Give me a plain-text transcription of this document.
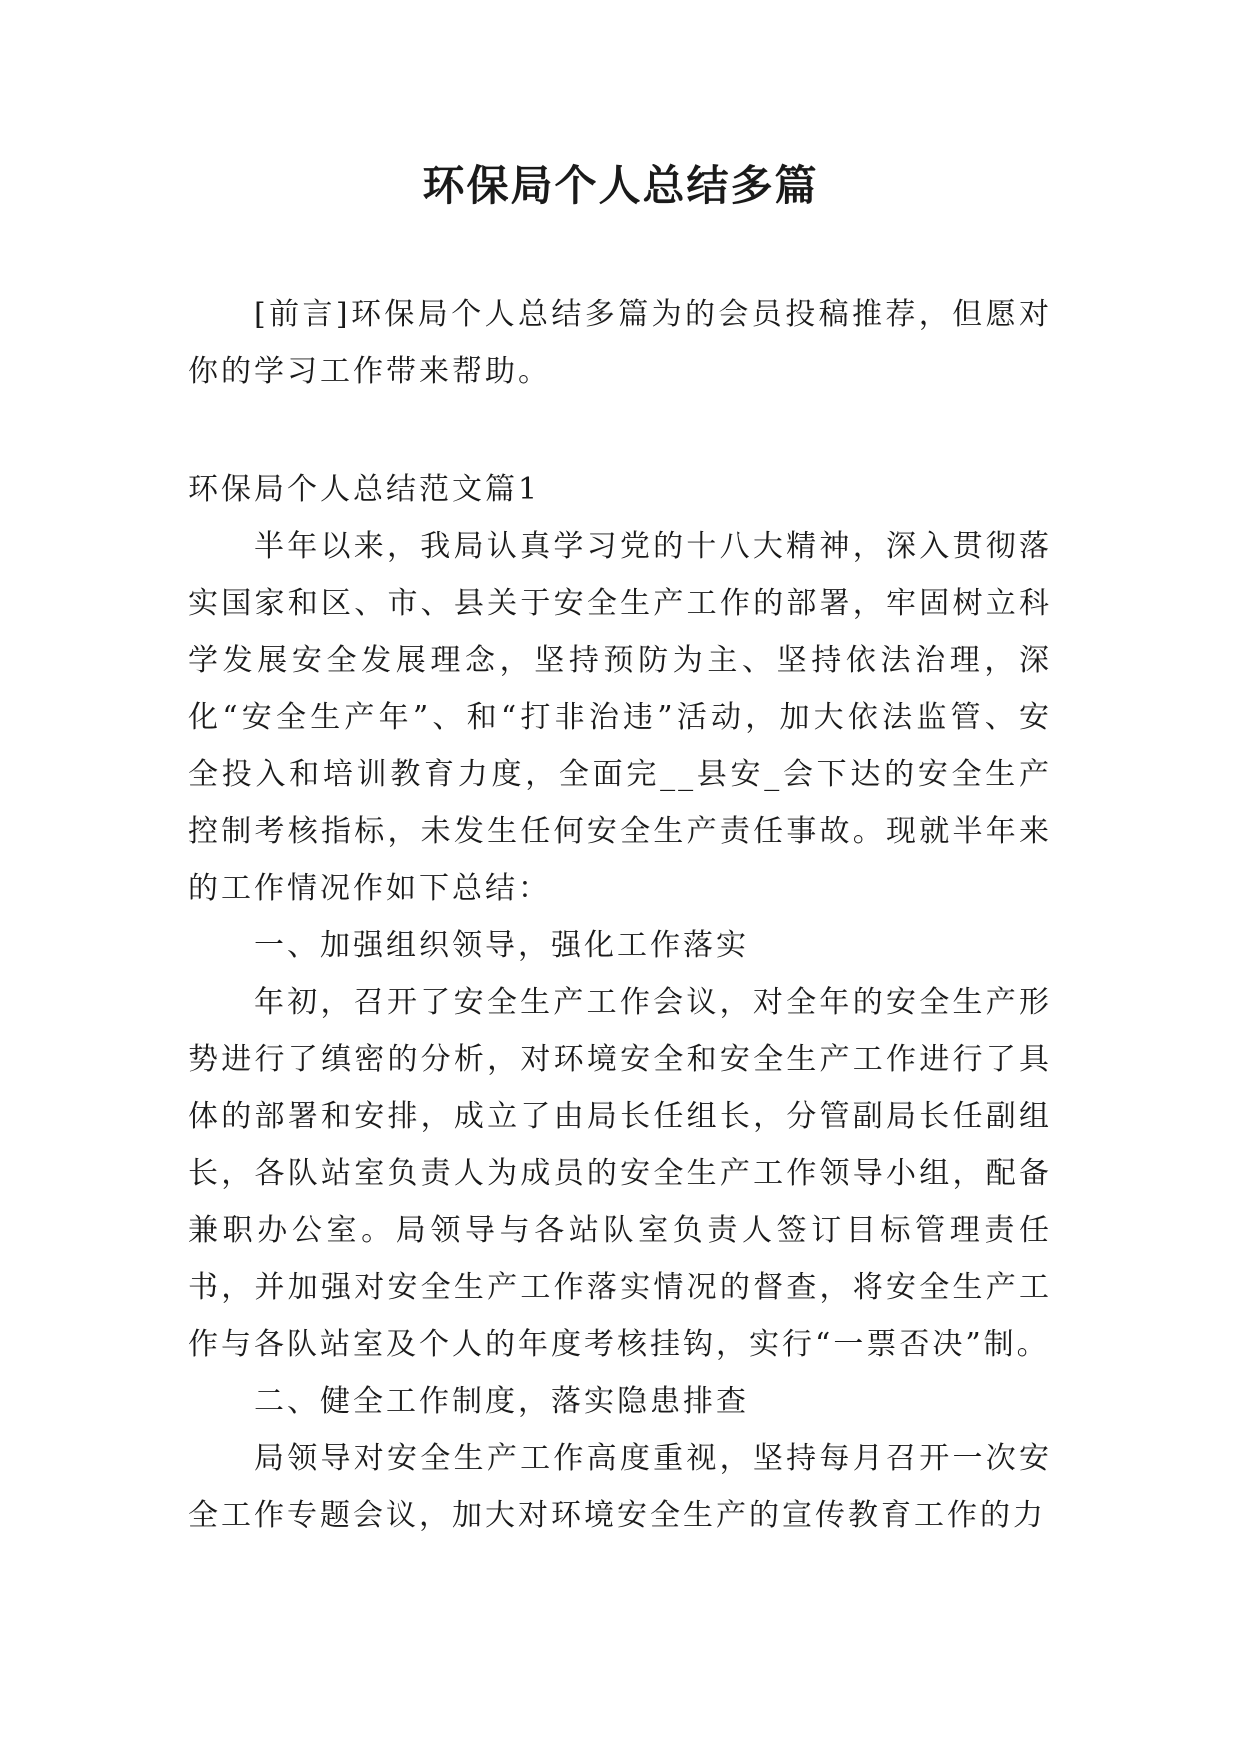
环保局个人总结多篇

[前言]环保局个人总结多篇为的会员投稿推荐，但愿对你的学习工作带来帮助。

环保局个人总结范文篇1

半年以来，我局认真学习党的十八大精神，深入贯彻落实国家和区、市、县关于安全生产工作的部署，牢固树立科学发展安全发展理念，坚持预防为主、坚持依法治理，深化“安全生产年”、和“打非治违”活动，加大依法监管、安全投入和培训教育力度，全面完__县安_会下达的安全生产控制考核指标，未发生任何安全生产责任事故。现就半年来的工作情况作如下总结：

一、加强组织领导，强化工作落实

年初，召开了安全生产工作会议，对全年的安全生产形势进行了缜密的分析，对环境安全和安全生产工作进行了具体的部署和安排，成立了由局长任组长，分管副局长任副组长，各队站室负责人为成员的安全生产工作领导小组，配备兼职办公室。局领导与各站队室负责人签订目标管理责任书，并加强对安全生产工作落实情况的督查，将安全生产工作与各队站室及个人的年度考核挂钩，实行“一票否决”制。

二、健全工作制度，落实隐患排查

局领导对安全生产工作高度重视，坚持每月召开一次安全工作专题会议，加大对环境安全生产的宣传教育工作的力
